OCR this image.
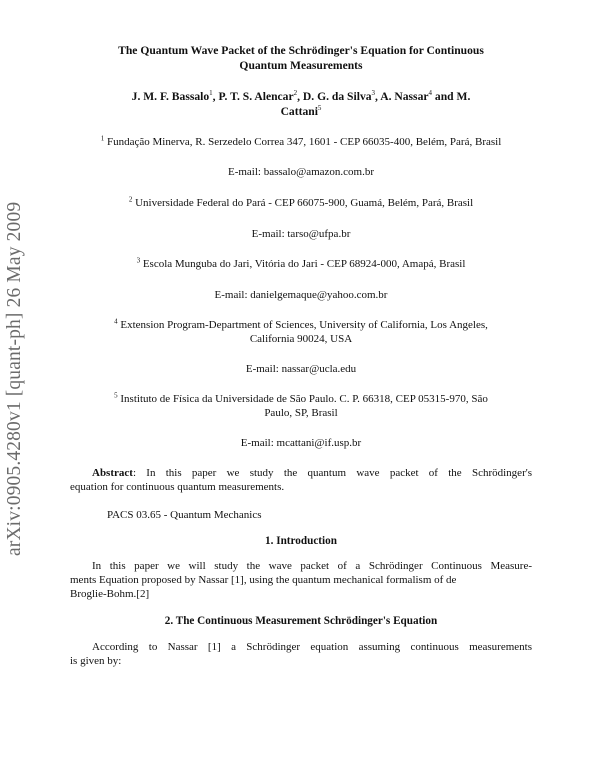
arXiv:0905.4280v1 [quant-ph] 26 May 2009
The Quantum Wave Packet of the Schrödinger's Equation for Continuous
Quantum Measurements
J. M. F. Bassalo$^1$, P. T. S. Alencar$^2$, D. G. da Silva$^3$, A. Nassar$^4$ and M.
Cattani$^5$
$^1$ Fundação Minerva, R. Serzedelo Correa 347, 1601 - CEP 66035-400, Belém, Pará, Brasil
E-mail: bassalo@amazon.com.br
$^2$ Universidade Federal do Pará - CEP 66075-900, Guamá, Belém, Pará, Brasil
E-mail: tarso@ufpa.br
$^3$ Escola Munguba do Jari, Vitória do Jari - CEP 68924-000, Amapá, Brasil
E-mail: danielgemaque@yahoo.com.br
$^4$ Extension Program-Department of Sciences, University of California, Los Angeles,
California 90024, USA
E-mail: nassar@ucla.edu
$^5$ Instituto de Física da Universidade de São Paulo. C. P. 66318, CEP 05315-970, São
Paulo, SP, Brasil
E-mail: mcattani@if.usp.br
Abstract: In this paper we study the quantum wave packet of the Schrödinger's
equation for continuous quantum measurements.
PACS 03.65 - Quantum Mechanics
1. Introduction
In this paper we will study the wave packet of a Schrödinger Continuous Measure-
ments Equation proposed by Nassar [1], using the quantum mechanical formalism of de
Broglie-Bohm.[2]
2. The Continuous Measurement Schrödinger's Equation
According to Nassar [1] a Schrödinger equation assuming continuous measurements
is given by:
